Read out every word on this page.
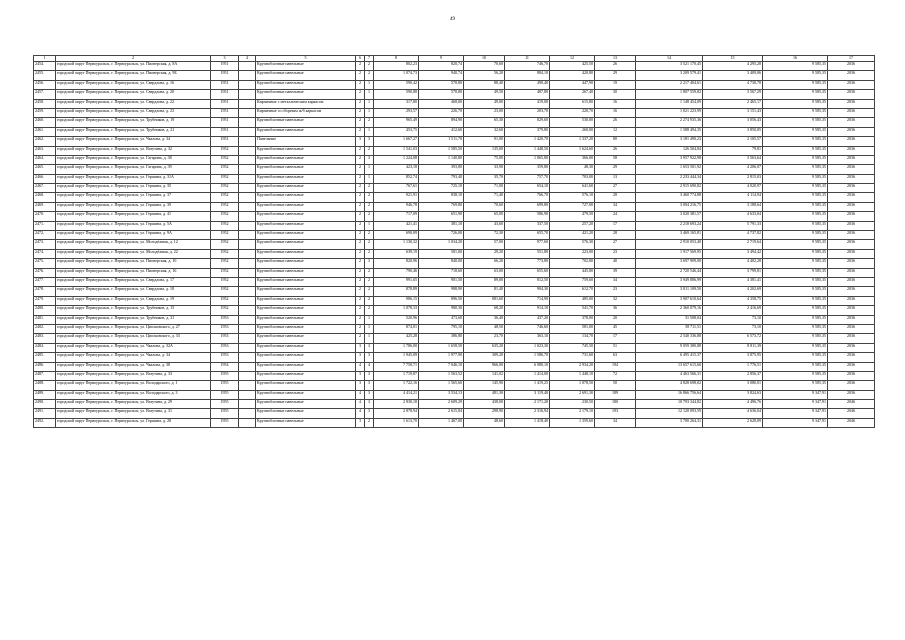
49
1	2	3	4	5	6	7	8	9	10	11	12	13	14	15	16	17
2454.	городской округ Первоуральск, г. Первоуральск, ул. Пионерская, д. 8А	1951		Крупноблочные панельные	2	2	802,23	820,74	70,60	746,70	425,50	26	3 521 170,45	4 295,28	9 585,35	2036
2455.	городской округ Первоуральск, г. Первоуральск, ул. Пионерская, д. 9Б	1951		Крупноблочные панельные	2	2	1 074,73	940,74	56,20	884,10	420,80	29	3 209 579,41	3 409,06	9 585,35	2036
2456.	городской округ Первоуральск, г. Первоуральск, ул. Свердлова, д. 16	1951		Крупноблочные панельные	2	1	590,42	578,80	88,40	490,40	447,90	19	2 217 404,61	4 730,78	9 585,35	2036
2457.	городской округ Первоуральск, г. Первоуральск, ул. Свердлова, д. 20	1951		Крупноблочные панельные	2	1	590,88	578,80	49,50	487,80	267,40	30	1 807 559,82	3 567,29	9 585,35	2036
2458.	городской округ Первоуральск, г. Первоуральск, ул. Свердлова, д. 22	1951		Кирпичные с металлическим каркасом	2	1	317,80	468,00	49,00	419,00	615,80	16	1 148 454,09	2 465,17	9 585,35	2036
2459.	городской округ Первоуральск, г. Первоуральск, ул. Свердлова, д. 23	1951		Кирпичные со сборным ж/б каркасом	2	1	293,57	226,70	23,00	203,70	220,70	16	1 021 223,99	3 151,43	9 585,35	2036
2460.	городской округ Первоуральск, г. Первоуральск, ул. Трубников, д. 19	1951		Крупноблочные панельные	2	2	965,49	894,90	65,30	829,60	530,00	26	2 274 935,36	3 056,43	9 585,35	2036
2461.	городской округ Первоуральск, г. Первоуральск, ул. Трубников, д. 21	1951		Крупноблочные панельные	2	1	453,75	412,60	32,60	379,80	260,00	12	1 588 494,35	3 850,05	9 585,35	2036
2462.	городской округ Первоуральск, г. Первоуральск, ул. Чкалова, д. 34	1951		Панельные	3	3	1 667,27	1 511,70	91,00	1 420,70	1 337,20	80	3 181 490,23	2 105,57	9 585,35	2036
2463.	городской округ Первоуральск, г. Первоуральск, ул. Ватутина, д. 32	1952		Крупноблочные панельные	2	2	1 541,03	1 585,50	135,00	1 448,50	1 624,60	26	126 504,84	79,81	9 585,35	2036
2464.	городской округ Первоуральск, г. Первоуральск, ул. Гагарина, д. 38	1952		Крупноблочные панельные	2	3	1 224,08	1 140,80	75,00	1 065,80	366,00	58	3 957 922,98	3 563,64	9 585,35	2036
2465.	городской округ Первоуральск, г. Первоуральск, ул. Гагарина, д. 39	1952		Крупноблочные панельные	2	1	423,18	393,80	33,90	359,80	48,30	29	1 653 501,92	4 206,07	9 585,35	2036
2466.	городской округ Первоуральск, г. Первоуральск, ул. Гершина, д. 31А	1952		Крупноблочные панельные	2	1	852,74	793,40	35,70	757,70	703,00	13	2 233 444,34	2 815,03	9 585,35	2036
2467.	городской округ Первоуральск, г. Первоуральск, ул. Гершина, д. 35	1952		Крупноблочные панельные	2	2	767,61	725,10	71,00	654,10	641,60	27	2 915 690,82	4 020,97	9 585,35	2036
2468.	городской округ Первоуральск, г. Первоуральск, ул. Гершина, д. 37	1952		Крупноблочные панельные	2	2	921,91	838,10	71,40	766,70	576,10	28	3 460 774,88	4 114,94	9 585,35	2036
2469.	городской округ Первоуральск, г. Первоуральск, ул. Гершина, д. 39	1952		Крупноблочные панельные	2	2	946,78	769,80	70,60	699,80	727,00	34	3 094 216,75	3 188,64	9 585,35	2036
2470.	городской округ Первоуральск, г. Первоуральск, ул. Гершина, д. 41	1952		Крупноблочные панельные	2	2	717,09	651,90	65,00	586,90	479,50	24	3 020 381,57	4 633,04	9 585,35	2036
2471.	городской округ Первоуральск, г. Первоуральск, ул. Гершина, д. 5А	1952		Крупноблочные панельные	2	1	421,41	381,10	43,60	337,50	257,20	17	2 218 693,24	5 791,33	9 585,35	2036
2472.	городской округ Первоуральск, г. Первоуральск, ул. Гершина, д. 9А	1952		Крупноблочные панельные	2	2	690,09	726,00	72,30	655,70	421,20	28	3 469 165,81	4 737,82	9 585,35	2036
2473.	городской округ Первоуральск, г. Первоуральск, ул. Молодёжная, д. 12	1952		Крупноблочные панельные	2	2	1 130,32	1 034,20	57,00	977,60	576,30	27	2 910 053,40	2 719,64	9 585,35	2036
2474.	городской округ Первоуральск, г. Первоуральск, ул. Молодёжная, д. 22	1952		Крупноблочные панельные	2	2	639,19	581,00	29,20	551,80	223,00	23	1 917 569,95	3 494,42	9 585,35	2036
2475.	городской округ Первоуральск, г. Первоуральск, ул. Пионерская, д. 10	1952		Крупноблочные панельные	2	3	820,96	840,00	66,20	773,80	702,80	40	3 697 909,00	4 402,28	9 585,35	2036
2476.	городской округ Первоуральск, г. Первоуральск, ул. Пионерская, д. 16	1952		Крупноблочные панельные	2	2	790,46	718,60	63,00	655,60	445,80	39	2 720 546,44	3 799,81	9 585,35	2036
2477.	городской округ Первоуральск, г. Первоуральск, ул. Свердлова, д. 17	1952		Крупноблочные панельные	2	2	991,65	901,50	89,00	812,50	759,60	34	3 949 886,99	4 381,41	9 585,35	2036
2478.	городской округ Первоуральск, г. Первоуральск, ул. Свердлова, д. 18	1952		Крупноблочные панельные	2	2	878,89	988,90	81,40	904,30	612,70	23	3 811 109,50	4 202,69	9 585,35	2036
2479.	городской округ Первоуральск, г. Первоуральск, ул. Свердлова, д. 19	1952		Крупноблочные панельные	2	2	986,15	896,50	081,60	714,90	485,00	32	3 907 610,64	4 358,75	9 585,35	2036
2480.	городской округ Первоуральск, г. Первоуральск, ул. Трубников, д. 15	1952		Крупноблочные панельные	2	2	1 078,33	980,30	68,20	914,10	541,70	36	2 360 079,16	2 416,69	9 585,35	2036
2481.	городской округ Первоуральск, г. Первоуральск, ул. Трубников, д. 21	1953		Крупноблочные панельные	2	1	520,96	473,60	36,40	437,20	378,00	20	31 508,04	73,10	9 585,35	2036
2482.	городской округ Первоуральск, г. Первоуральск, ул. Циолковского, д. 27	1953		Крупноблочные панельные	2	1	874,01	795,10	48,50	746,60	581,00	45	58 711,51	73,10	9 585,35	2036
2483.	городской округ Первоуральск, г. Первоуральск, ул. Циолковского, д. 33	1953		Крупноблочные панельные	2	1	425,28	386,80	23,70	363,10	134,70	17	2 540 336,88	6 573,72	9 585,35	2036
2484.	городской округ Первоуральск, г. Первоуральск, ул. Чкалова, д. 32А	1953		Крупноблочные панельные	3	3	1 786,00	1 658,50	635,20	1 023,30	745,50	51	9 059 380,88	8 811,39	9 585,35	2036
2485.	городской округ Первоуральск, г. Первоуральск, ул. Чкалова, д. 34	1953		Крупноблочные панельные	3	3	1 945,09	1 977,90	309,20	1 586,70	731,60	63	6 495 415,37	3 875,95	9 585,35	2036
2486.	городской округ Первоуральск, г. Первоуральск, ул. Чкалова, д. 38	1954		Крупноблочные панельные	4	4	7 750,71	7 046,10	966,00	6 080,10	2 934,20	194	13 657 615,60	1 776,51	9 585,35	2036
2487.	городской округ Первоуральск, г. Первоуральск, ул. Ватутина, д. 33	1955		Крупноблочные панельные	3	3	1 719,87	1 563,52	141,02	1 414,00	1 448,10	72	4 463 566,31	2 856,37	9 585,35	2036
2488.	городской округ Первоуральск, г. Первоуральск, ул. Володарского, д. 1	1955		Крупноблочные панельные	3	3	1 722,16	1 565,60	145,90	1 419,25	1 078,50	50	4 828 698,02	3 080,01	9 585,35	2036
2489.	городской округ Первоуральск, г. Первоуральск, ул. Володарского, д. 3	1955		Крупноблочные панельные	4	3	4 414,21	3 534,13	481,30	3 119,40	2 691,30	189	16 866 756,64	3 824,63	9 347,91	2036
2490.	городской округ Первоуральск, г. Первоуральск, ул. Ватутина, д. 29	1955		Крупноблочные панельные	4	3	2 830,18	2 609,29	438,00	2 171,20	230,50	180	10 793 344,82	4 496,76	9 347,91	2046
2491.	городской округ Первоуральск, г. Первоуральск, ул. Ватутина, д. 31	1955		Крупноблочные панельные	4	3	2 878,94	2 615,84	298,90	2 316,94	2 179,10	193	12 120 093,59	4 636,04	9 347,91	2046
2492.	городской округ Первоуральск, г. Первоуральск, ул. Гершина, д. 28	1955		Крупноблочные панельные	3	2	1 613,70	1 467,00	48,60	1 418,40	1 359,60	34	3 700 264,31	2 628,09	9 347,91	2046
